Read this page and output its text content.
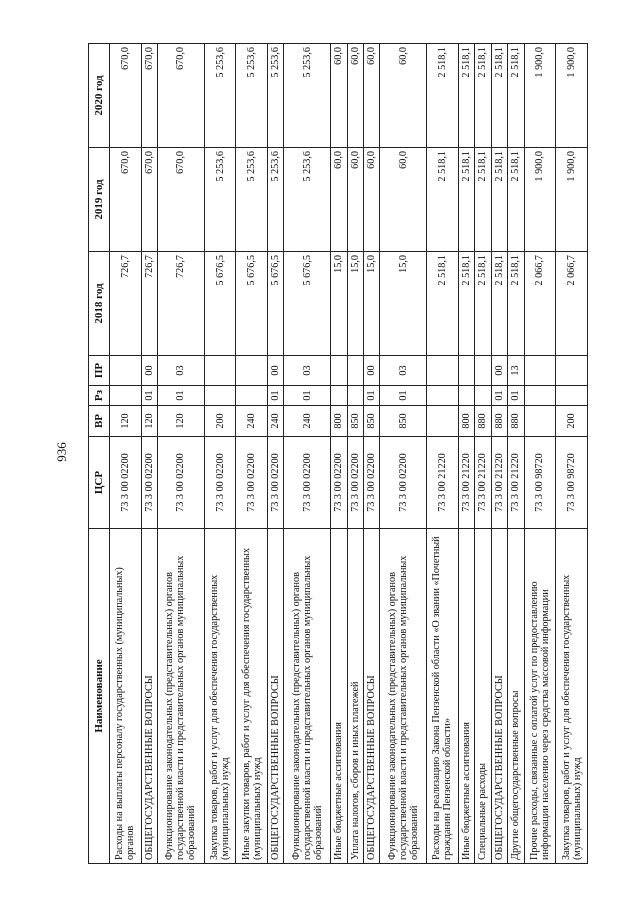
936
Наименование	ЦСР	ВР	Рз	ПР	2018 год	2019 год	2020 год
Расходы на выплаты персоналу государственных (муниципальных) органов	73 3 00 02200	120			726,7	670,0	670,0
ОБЩЕГОСУДАРСТВЕННЫЕ ВОПРОСЫ	73 3 00 02200	120	01	00	726,7	670,0	670,0
Функционирование законодательных (представительных) органов государственной власти и представительных органов муниципальных образований	73 3 00 02200	120	01	03	726,7	670,0	670,0
Закупка товаров, работ и услуг для обеспечения государственных (муниципальных) нужд	73 3 00 02200	200			5 676,5	5 253,6	5 253,6
Иные закупки товаров, работ и услуг для обеспечения государственных (муниципальных) нужд	73 3 00 02200	240			5 676,5	5 253,6	5 253,6
ОБЩЕГОСУДАРСТВЕННЫЕ ВОПРОСЫ	73 3 00 02200	240	01	00	5 676,5	5 253,6	5 253,6
Функционирование законодательных (представительных) органов государственной власти и представительных органов муниципальных образований	73 3 00 02200	240	01	03	5 676,5	5 253,6	5 253,6
Иные бюджетные ассигнования	73 3 00 02200	800			15,0	60,0	60,0
Уплата налогов, сборов и иных платежей	73 3 00 02200	850			15,0	60,0	60,0
ОБЩЕГОСУДАРСТВЕННЫЕ ВОПРОСЫ	73 3 00 02200	850	01	00	15,0	60,0	60,0
Функционирование законодательных (представительных) органов государственной власти и представительных органов муниципальных образований	73 3 00 02200	850	01	03	15,0	60,0	60,0
Расходы на реализацию Закона Пензенской области «О звании «Почетный гражданин Пензенской области»	73 3 00 21220				2 518,1	2 518,1	2 518,1
Иные бюджетные ассигнования	73 3 00 21220	800			2 518,1	2 518,1	2 518,1
Специальные расходы	73 3 00 21220	880			2 518,1	2 518,1	2 518,1
ОБЩЕГОСУДАРСТВЕННЫЕ ВОПРОСЫ	73 3 00 21220	880	01	00	2 518,1	2 518,1	2 518,1
Другие общегосударственные вопросы	73 3 00 21220	880	01	13	2 518,1	2 518,1	2 518,1
Прочие расходы, связанные с оплатой услуг по предоставлению информации населению через средства массовой информации	73 3 00 98720				2 066,7	1 900,0	1 900,0
Закупка товаров, работ и услуг для обеспечения государственных (муниципальных) нужд	73 3 00 98720	200			2 066,7	1 900,0	1 900,0
